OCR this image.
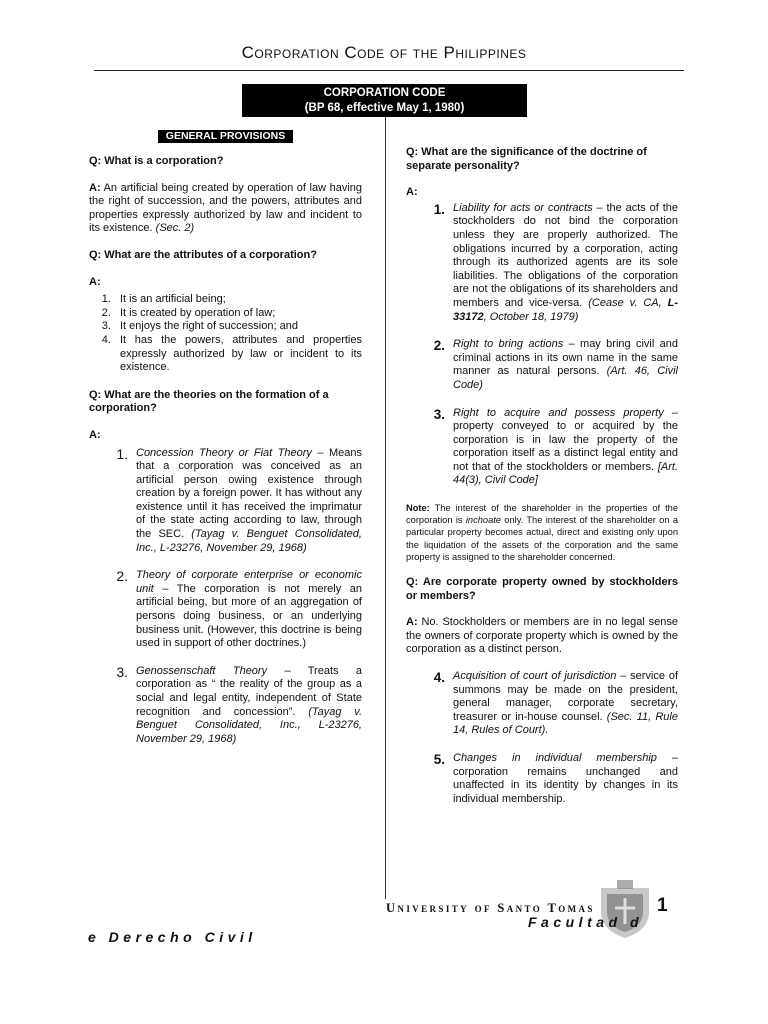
Corporation Code of the Philippines
CORPORATION CODE
(BP 68, effective May 1, 1980)
GENERAL PROVISIONS
Q: What is a corporation?
A: An artificial being created by operation of law having the right of succession, and the powers, attributes and properties expressly authorized by law and incident to its existence. (Sec. 2)
Q: What are the attributes of a corporation?
A:
1. It is an artificial being;
2. It is created by operation of law;
3. It enjoys the right of succession; and
4. It has the powers, attributes and properties expressly authorized by law or incident to its existence.
Q: What are the theories on the formation of a corporation?
A:
1. Concession Theory or Fiat Theory – Means that a corporation was conceived as an artificial person owing existence through creation by a foreign power. It has without any existence until it has received the imprimatur of the state acting according to law, through the SEC. (Tayag v. Benguet Consolidated, Inc., L-23276, November 29, 1968)
2. Theory of corporate enterprise or economic unit – The corporation is not merely an artificial being, but more of an aggregation of persons doing business, or an underlying business unit. (However, this doctrine is being used in support of other doctrines.)
3. Genossenschaft Theory – Treats a corporation as “ the reality of the group as a social and legal entity, independent of State recognition and concession”. (Tayag v. Benguet Consolidated, Inc., L-23276, November 29, 1968)
Q: What are the significance of the doctrine of separate personality?
A:
1. Liability for acts or contracts – the acts of the stockholders do not bind the corporation unless they are properly authorized. The obligations incurred by a corporation, acting through its authorized agents are its sole liabilities. The obligations of the corporation are not the obligations of its shareholders and members and vice-versa. (Cease v. CA, L-33172, October 18, 1979)
2. Right to bring actions – may bring civil and criminal actions in its own name in the same manner as natural persons. (Art. 46, Civil Code)
3. Right to acquire and possess property – property conveyed to or acquired by the corporation is in law the property of the corporation itself as a distinct legal entity and not that of the stockholders or members. [Art. 44(3), Civil Code]
Note: The interest of the shareholder in the properties of the corporation is inchoate only. The interest of the shareholder on a particular property becomes actual, direct and existing only upon the liquidation of the assets of the corporation and the same property is assigned to the shareholder concerned.
Q: Are corporate property owned by stockholders or members?
A: No. Stockholders or members are in no legal sense the owners of corporate property which is owned by the corporation as a distinct person.
4. Acquisition of court of jurisdiction – service of summons may be made on the president, general manager, corporate secretary, treasurer or in-house counsel. (Sec. 11, Rule 14, Rules of Court).
5. Changes in individual membership – corporation remains unchanged and unaffected in its identity by changes in its individual membership.
University of Santo Tomas
Facultad d
1
e Derecho Civil
